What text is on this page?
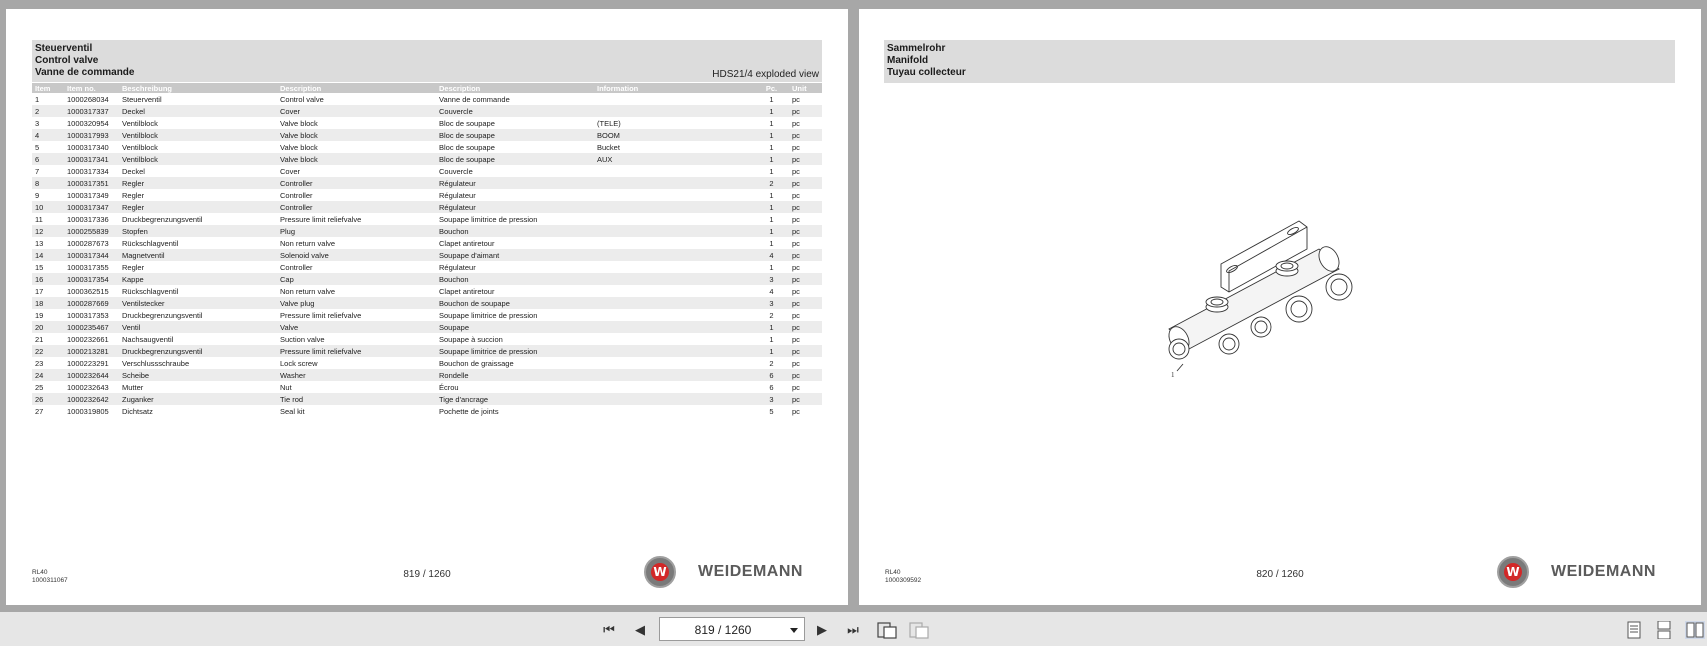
Steuerventil
Control valve
Vanne de commande	HDS21/4 exploded view
Item	Item no.	Beschreibung	Description	Description	Information	Pc.	Unit
1	1000268034	Steuerventil	Control valve	Vanne de commande		1	pc
2	1000317337	Deckel	Cover	Couvercle		1	pc
3	1000320954	Ventilblock	Valve block	Bloc de soupape	(TELE)	1	pc
4	1000317993	Ventilblock	Valve block	Bloc de soupape	BOOM	1	pc
5	1000317340	Ventilblock	Valve block	Bloc de soupape	Bucket	1	pc
6	1000317341	Ventilblock	Valve block	Bloc de soupape	AUX	1	pc
7	1000317334	Deckel	Cover	Couvercle		1	pc
8	1000317351	Regler	Controller	Régulateur		2	pc
9	1000317349	Regler	Controller	Régulateur		1	pc
10	1000317347	Regler	Controller	Régulateur		1	pc
11	1000317336	Druckbegrenzungsventil	Pressure limit reliefvalve	Soupape limitrice de pression		1	pc
12	1000255839	Stopfen	Plug	Bouchon		1	pc
13	1000287673	Rückschlagventil	Non return valve	Clapet antiretour		1	pc
14	1000317344	Magnetventil	Solenoid valve	Soupape d'aimant		4	pc
15	1000317355	Regler	Controller	Régulateur		1	pc
16	1000317354	Kappe	Cap	Bouchon		3	pc
17	1000362515	Rückschlagventil	Non return valve	Clapet antiretour		4	pc
18	1000287669	Ventilstecker	Valve plug	Bouchon de soupape		3	pc
19	1000317353	Druckbegrenzungsventil	Pressure limit reliefvalve	Soupape limitrice de pression		2	pc
20	1000235467	Ventil	Valve	Soupape		1	pc
21	1000232661	Nachsaugventil	Suction valve	Soupape à succion		1	pc
22	1000213281	Druckbegrenzungsventil	Pressure limit reliefvalve	Soupape limitrice de pression		1	pc
23	1000223291	Verschlussschraube	Lock screw	Bouchon de graissage		2	pc
24	1000232644	Scheibe	Washer	Rondelle		6	pc
25	1000232643	Mutter	Nut	Écrou		6	pc
26	1000232642	Zuganker	Tie rod	Tige d'ancrage		3	pc
27	1000319805	Dichtsatz	Seal kit	Pochette de joints		5	pc
RL40
1000311067
819 / 1260	W WEIDEMANN
Sammelrohr
Manifold
Tuyau collecteur
1
RL40
1000309592
820 / 1260	W WEIDEMANN
⏮	◀	819 / 1260	▶	⏭
